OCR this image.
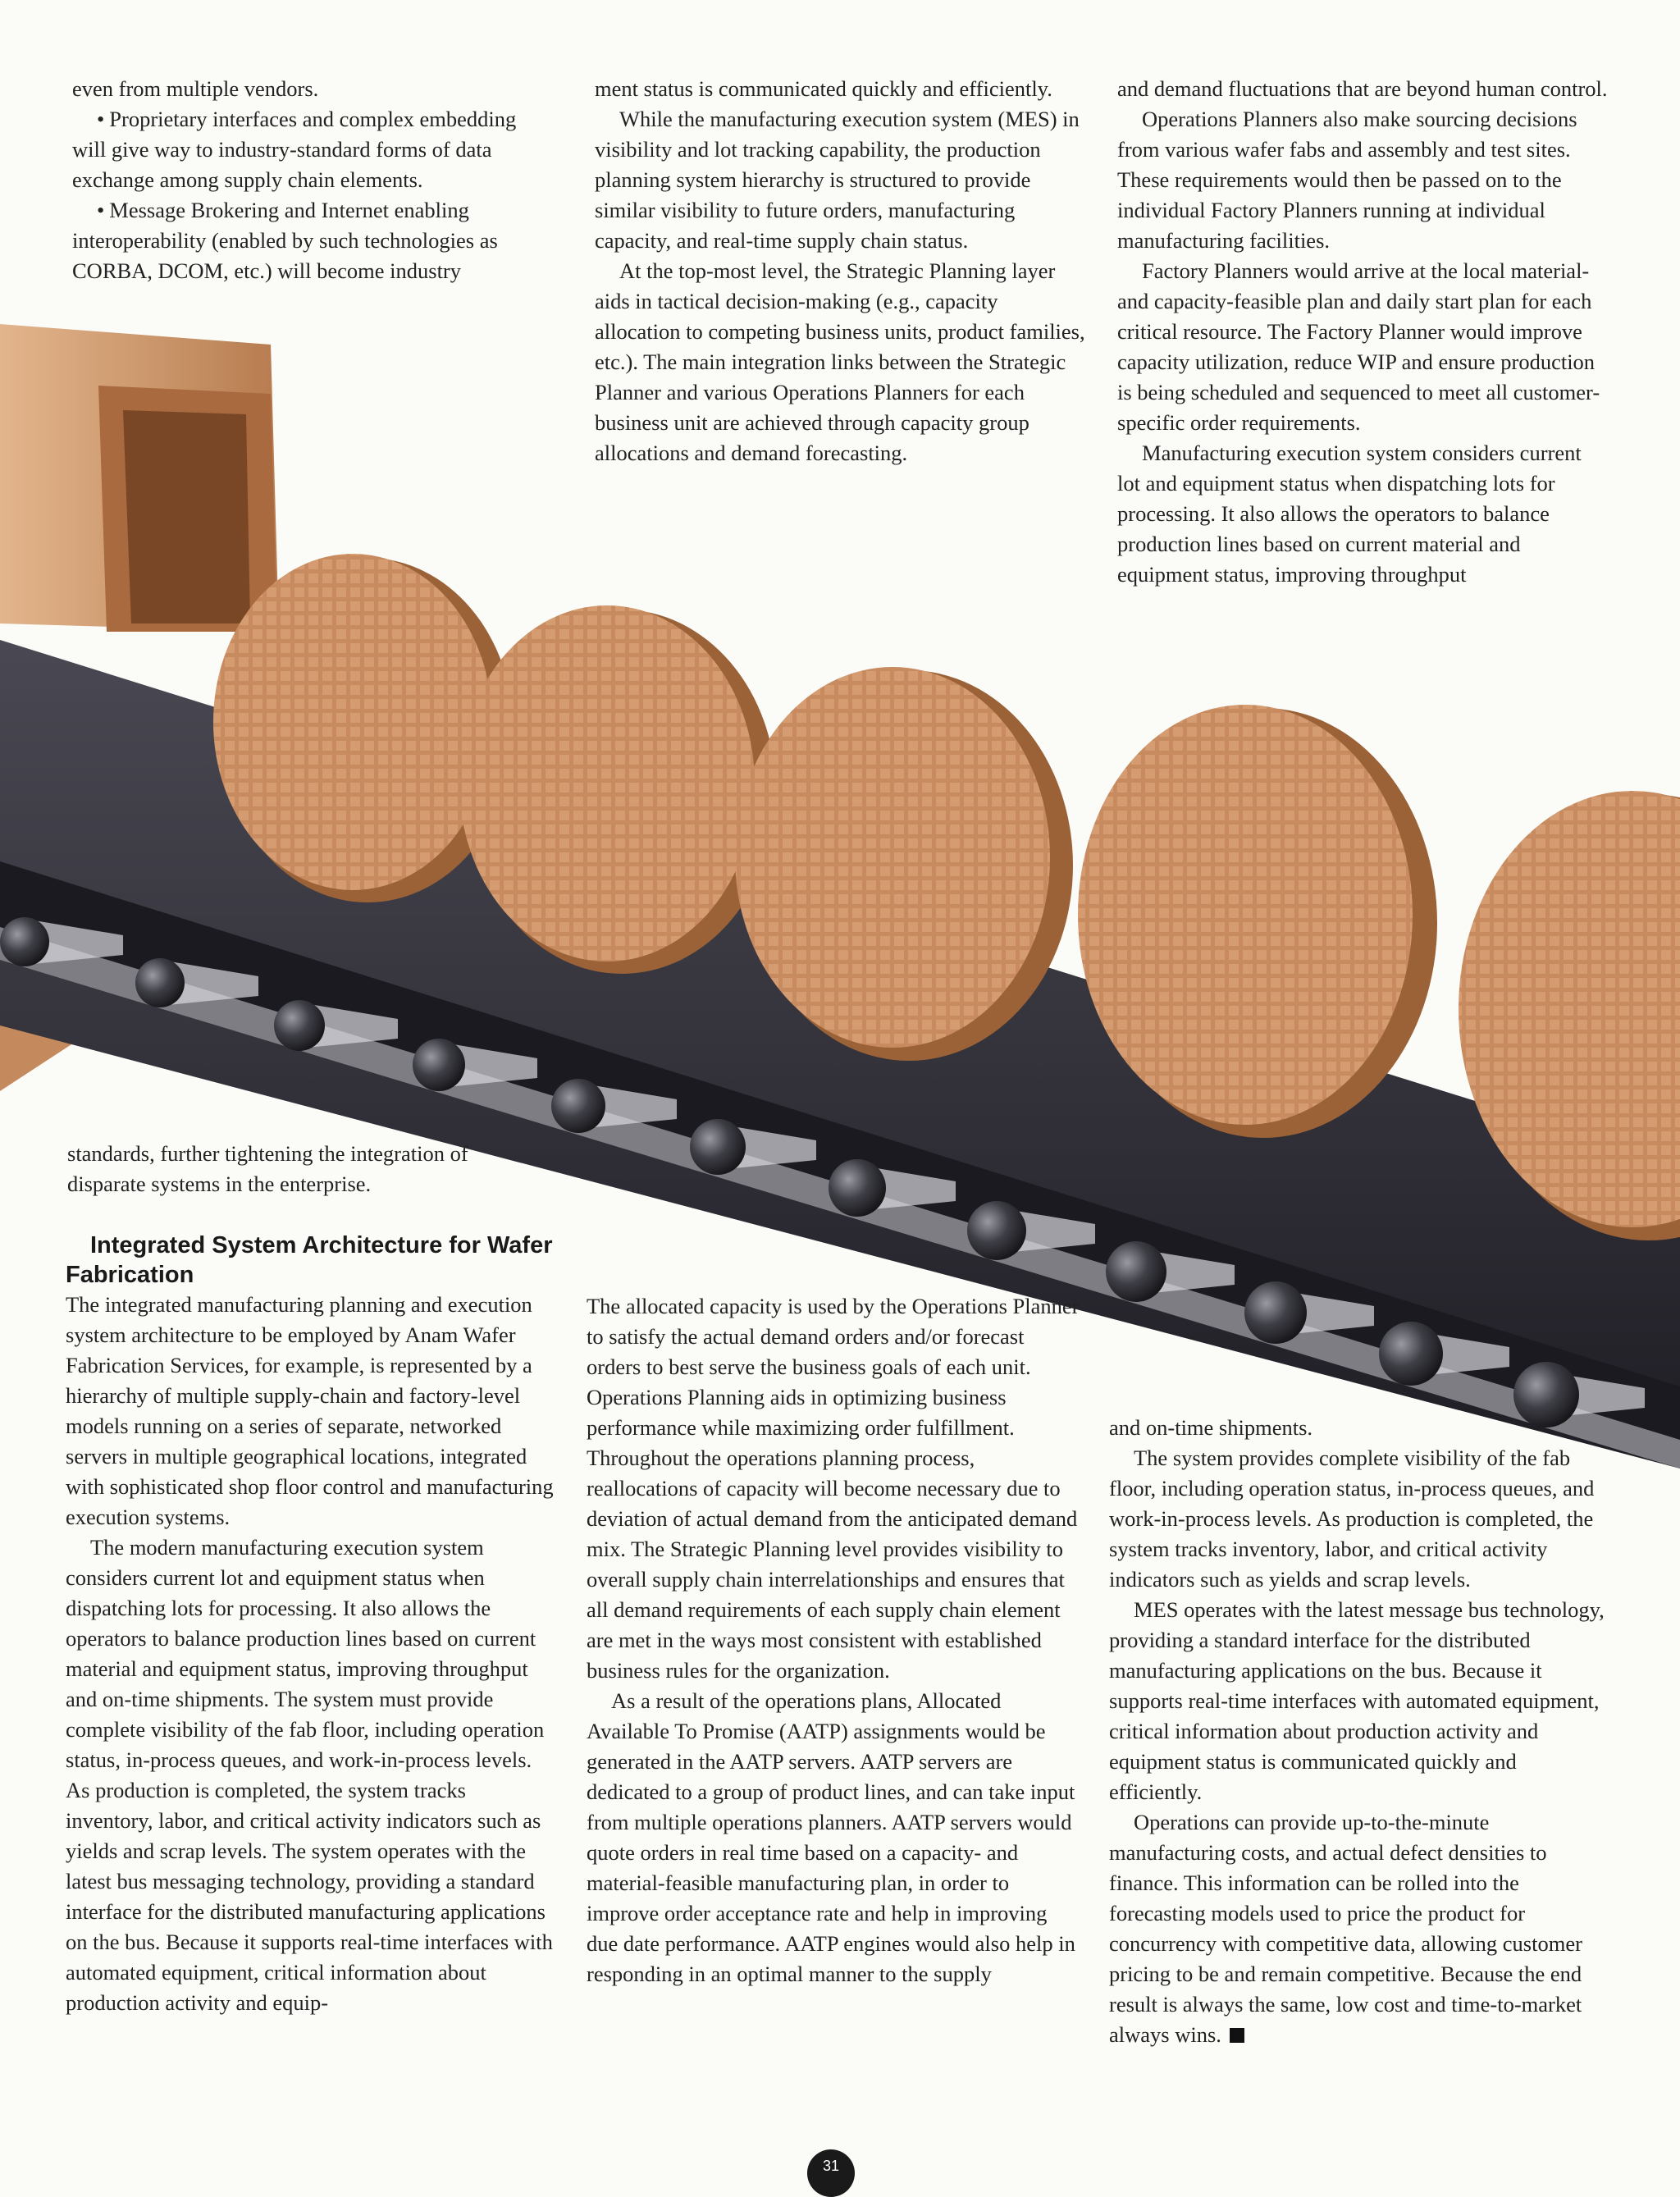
even from multiple vendors.

• Proprietary interfaces and complex embedding will give way to industry-standard forms of data exchange among supply chain elements.

• Message Brokering and Internet enabling interoperability (enabled by such technologies as CORBA, DCOM, etc.) will become industry

standards, further tightening the integration of disparate systems in the enterprise.

Integrated System Architecture for Wafer Fabrication

The integrated manufacturing planning and execution system architecture to be employed by Anam Wafer Fabrication Services, for example, is represented by a hierarchy of multiple supply-chain and factory-level models running on a series of separate, networked servers in multiple geographical locations, integrated with sophisticated shop floor control and manufacturing execution systems.

The modern manufacturing execution system considers current lot and equipment status when dispatching lots for processing. It also allows the operators to balance production lines based on current material and equipment status, improving throughput and on-time shipments. The system must provide complete visibility of the fab floor, including operation status, in-process queues, and work-in-process levels. As production is completed, the system tracks inventory, labor, and critical activity indicators such as yields and scrap levels. The system operates with the latest bus messaging technology, providing a standard interface for the distributed manufacturing applications on the bus. Because it supports real-time interfaces with automated equipment, critical information about production activity and equip-

ment status is communicated quickly and efficiently.

While the manufacturing execution system (MES) in visibility and lot tracking capability, the production planning system hierarchy is structured to provide similar visibility to future orders, manufacturing capacity, and real-time supply chain status.

At the top-most level, the Strategic Planning layer aids in tactical decision-making (e.g., capacity allocation to competing business units, product families, etc.). The main integration links between the Strategic Planner and various Operations Planners for each business unit are achieved through capacity group allocations and demand forecasting.

The allocated capacity is used by the Operations Planner to satisfy the actual demand orders and/or forecast orders to best serve the business goals of each unit. Operations Planning aids in optimizing business performance while maximizing order fulfillment. Throughout the operations planning process, reallocations of capacity will become necessary due to deviation of actual demand from the anticipated demand mix. The Strategic Planning level provides visibility to overall supply chain interrelationships and ensures that all demand requirements of each supply chain element are met in the ways most consistent with established business rules for the organization.

As a result of the operations plans, Allocated Available To Promise (AATP) assignments would be generated in the AATP servers. AATP servers are dedicated to a group of product lines, and can take input from multiple operations planners. AATP servers would quote orders in real time based on a capacity- and material-feasible manufacturing plan, in order to improve order acceptance rate and help in improving due date performance. AATP engines would also help in responding in an optimal manner to the supply

and demand fluctuations that are beyond human control.

Operations Planners also make sourcing decisions from various wafer fabs and assembly and test sites. These requirements would then be passed on to the individual Factory Planners running at individual manufacturing facilities.

Factory Planners would arrive at the local material- and capacity-feasible plan and daily start plan for each critical resource. The Factory Planner would improve capacity utilization, reduce WIP and ensure production is being scheduled and sequenced to meet all customer-specific order requirements.

Manufacturing execution system considers current lot and equipment status when dispatching lots for processing. It also allows the operators to balance production lines based on current material and equipment status, improving throughput

and on-time shipments.

The system provides complete visibility of the fab floor, including operation status, in-process queues, and work-in-process levels. As production is completed, the system tracks inventory, labor, and critical activity indicators such as yields and scrap levels.

MES operates with the latest message bus technology, providing a standard interface for the distributed manufacturing applications on the bus. Because it supports real-time interfaces with automated equipment, critical information about production activity and equipment status is communicated quickly and efficiently.

Operations can provide up-to-the-minute manufacturing costs, and actual defect densities to finance. This information can be rolled into the forecasting models used to price the product for concurrency with competitive data, allowing customer pricing to be and remain competitive. Because the end result is always the same, low cost and time-to-market always wins.

31
